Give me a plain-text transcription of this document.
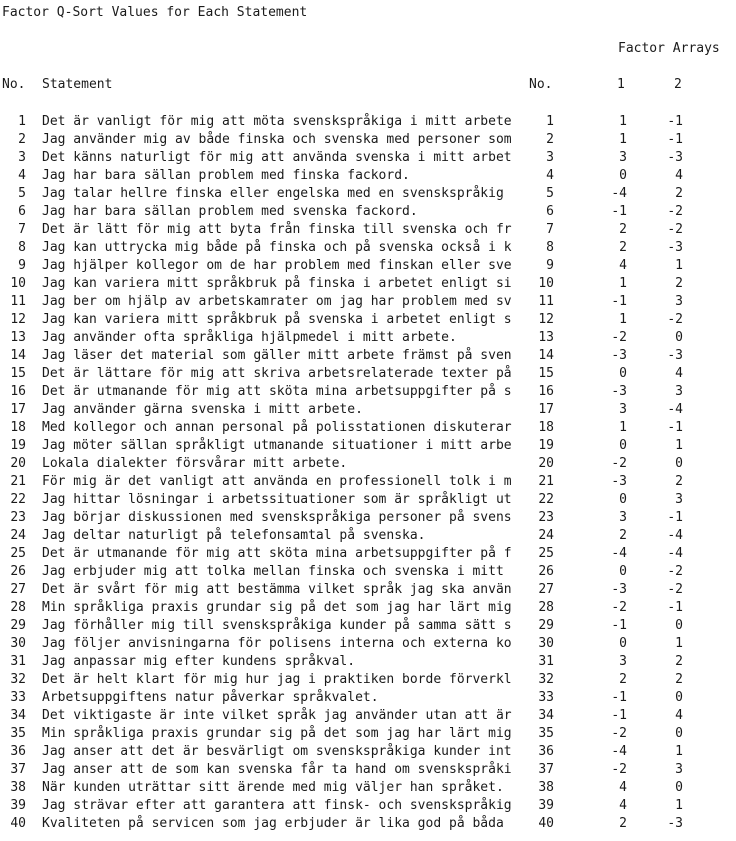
Factor Q-Sort Values for Each Statement
Factor Arrays
No. Statement	No.	1	2
1 Det är vanligt för mig att möta svenskspråkiga i mitt arbete	1	1	-1
2 Jag använder mig av både finska och svenska med personer som	2	1	-1
3 Det känns naturligt för mig att använda svenska i mitt arbet	3	3	-3
4 Jag har bara sällan problem med finska fackord.	4	0	4
5 Jag talar hellre finska eller engelska med en svenskspråkig	5	-4	2
6 Jag har bara sällan problem med svenska fackord.	6	-1	-2
7 Det är lätt för mig att byta från finska till svenska och fr	7	2	-2
8 Jag kan uttrycka mig både på finska och på svenska också i k	8	2	-3
9 Jag hjälper kollegor om de har problem med finskan eller sve	9	4	1
10 Jag kan variera mitt språkbruk på finska i arbetet enligt si	10	1	2
11 Jag ber om hjälp av arbetskamrater om jag har problem med sv	11	-1	3
12 Jag kan variera mitt språkbruk på svenska i arbetet enligt s	12	1	-2
13 Jag använder ofta språkliga hjälpmedel i mitt arbete.	13	-2	0
14 Jag läser det material som gäller mitt arbete främst på sven	14	-3	-3
15 Det är lättare för mig att skriva arbetsrelaterade texter på	15	0	4
16 Det är utmanande för mig att sköta mina arbetsuppgifter på s	16	-3	3
17 Jag använder gärna svenska i mitt arbete.	17	3	-4
18 Med kollegor och annan personal på polisstationen diskuterar	18	1	-1
19 Jag möter sällan språkligt utmanande situationer i mitt arbe	19	0	1
20 Lokala dialekter försvårar mitt arbete.	20	-2	0
21 För mig är det vanligt att använda en professionell tolk i m	21	-3	2
22 Jag hittar lösningar i arbetssituationer som är språkligt ut	22	0	3
23 Jag börjar diskussionen med svenskspråkiga personer på svens	23	3	-1
24 Jag deltar naturligt på telefonsamtal på svenska.	24	2	-4
25 Det är utmanande för mig att sköta mina arbetsuppgifter på f	25	-4	-4
26 Jag erbjuder mig att tolka mellan finska och svenska i mitt	26	0	-2
27 Det är svårt för mig att bestämma vilket språk jag ska använ	27	-3	-2
28 Min språkliga praxis grundar sig på det som jag har lärt mig	28	-2	-1
29 Jag förhåller mig till svenskspråkiga kunder på samma sätt s	29	-1	0
30 Jag följer anvisningarna för polisens interna och externa ko	30	0	1
31 Jag anpassar mig efter kundens språkval.	31	3	2
32 Det är helt klart för mig hur jag i praktiken borde förverkl	32	2	2
33 Arbetsuppgiftens natur påverkar språkvalet.	33	-1	0
34 Det viktigaste är inte vilket språk jag använder utan att är	34	-1	4
35 Min språkliga praxis grundar sig på det som jag har lärt mig	35	-2	0
36 Jag anser att det är besvärligt om svenskspråkiga kunder int	36	-4	1
37 Jag anser att de som kan svenska får ta hand om svenskspråki	37	-2	3
38 När kunden uträttar sitt ärende med mig väljer han språket.	38	4	0
39 Jag strävar efter att garantera att finsk- och svenskspråkig	39	4	1
40 Kvaliteten på servicen som jag erbjuder är lika god på båda	40	2	-3
